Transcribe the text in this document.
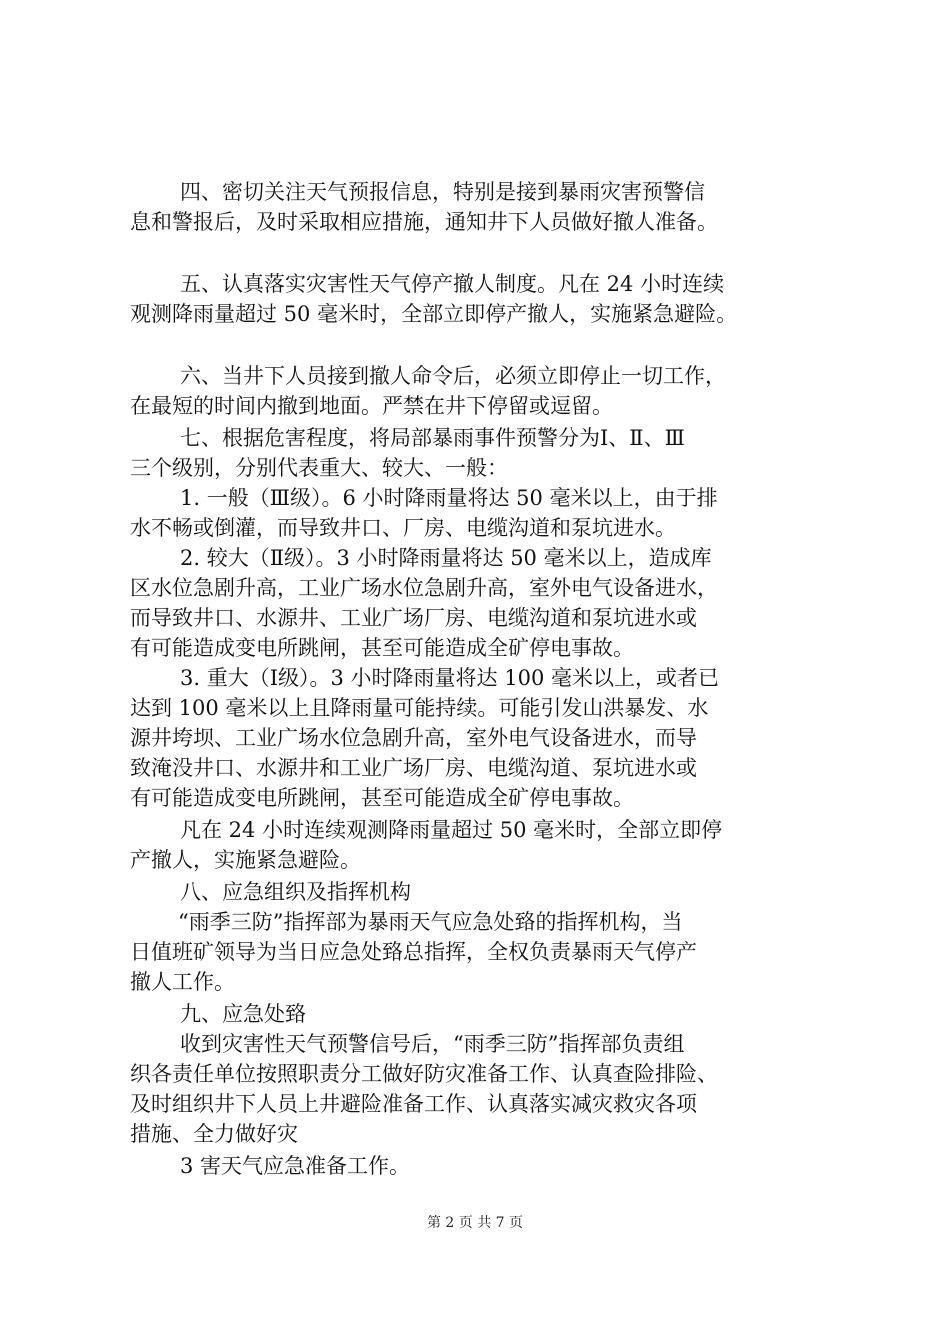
四、密切关注天气预报信息，特别是接到暴雨灾害预警信
息和警报后，及时采取相应措施，通知井下人员做好撤人准备。
五、认真落实灾害性天气停产撤人制度。凡在 24 小时连续
观测降雨量超过 50 毫米时，全部立即停产撤人，实施紧急避险。
六、当井下人员接到撤人命令后，必须立即停止一切工作，
在最短的时间内撤到地面。严禁在井下停留或逗留。
七、根据危害程度，将局部暴雨事件预警分为Ⅰ、Ⅱ、Ⅲ
三个级别，分别代表重大、较大、一般：
1. 一般（Ⅲ级）。6 小时降雨量将达 50 毫米以上，由于排
水不畅或倒灌，而导致井口、厂房、电缆沟道和泵坑进水。
2. 较大（Ⅱ级）。3 小时降雨量将达 50 毫米以上，造成库
区水位急剧升高，工业广场水位急剧升高，室外电气设备进水，
而导致井口、水源井、工业广场厂房、电缆沟道和泵坑进水或
有可能造成变电所跳闸，甚至可能造成全矿停电事故。
3. 重大（Ⅰ级）。3 小时降雨量将达 100 毫米以上，或者已
达到 100 毫米以上且降雨量可能持续。可能引发山洪暴发、水
源井垮坝、工业广场水位急剧升高，室外电气设备进水，而导
致淹没井口、水源井和工业广场厂房、电缆沟道、泵坑进水或
有可能造成变电所跳闸，甚至可能造成全矿停电事故。
凡在 24 小时连续观测降雨量超过 50 毫米时，全部立即停
产撤人，实施紧急避险。
八、应急组织及指挥机构
“雨季三防”指挥部为暴雨天气应急处臵的指挥机构，当
日值班矿领导为当日应急处臵总指挥，全权负责暴雨天气停产
撤人工作。
九、应急处臵
收到灾害性天气预警信号后，“雨季三防”指挥部负责组
织各责任单位按照职责分工做好防灾准备工作、认真查险排险、
及时组织井下人员上井避险准备工作、认真落实减灾救灾各项
措施、全力做好灾
3 害天气应急准备工作。
第 2 页 共 7 页
